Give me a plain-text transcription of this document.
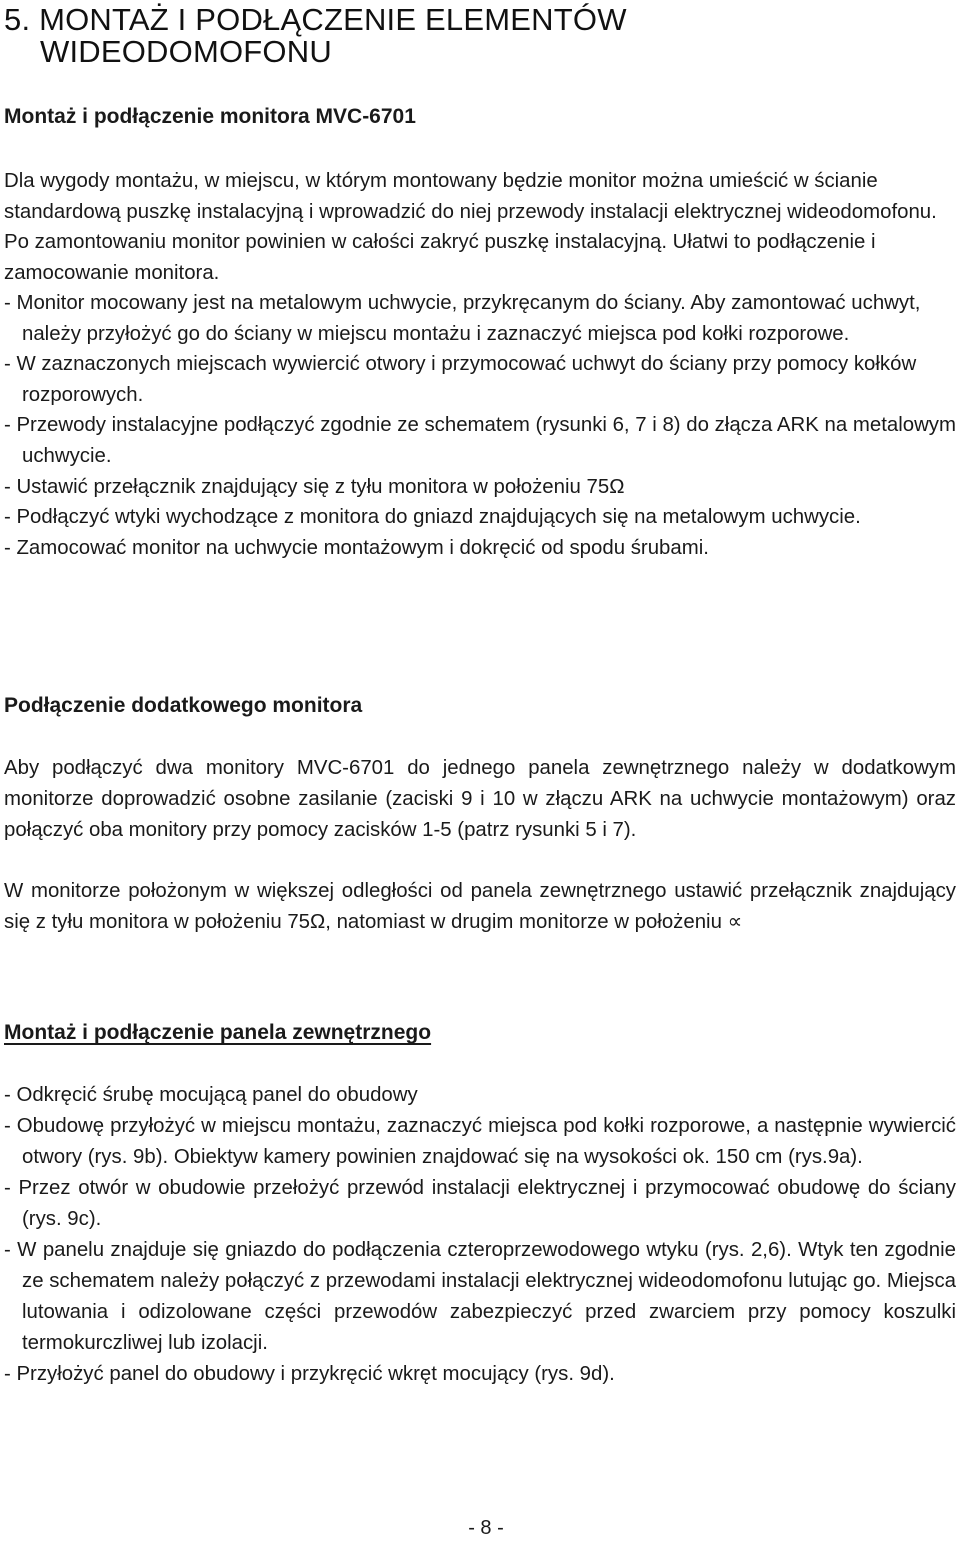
5. MONTAŻ I PODŁĄCZENIE ELEMENTÓW
WIDEODOMOFONU
Montaż i podłączenie monitora MVC-6701
Dla wygody montażu, w miejscu, w którym montowany będzie monitor można umieścić w ścianie standardową puszkę instalacyjną i wprowadzić do niej przewody instalacji elektrycznej wideodomofonu. Po zamontowaniu monitor powinien w całości zakryć puszkę instalacyjną. Ułatwi to podłączenie i zamocowanie monitora.
- Monitor mocowany jest na metalowym uchwycie, przykręcanym do ściany. Aby zamontować uchwyt, należy przyłożyć go do ściany w miejscu montażu i zaznaczyć miejsca pod kołki rozporowe.
- W zaznaczonych miejscach wywiercić otwory i przymocować uchwyt do ściany przy pomocy kołków rozporowych.
- Przewody instalacyjne podłączyć zgodnie ze schematem (rysunki 6, 7 i 8) do złącza ARK na metalowym uchwycie.
- Ustawić przełącznik znajdujący się z tyłu monitora w położeniu 75Ω
- Podłączyć wtyki wychodzące z monitora do gniazd znajdujących się na metalowym uchwycie.
- Zamocować monitor na uchwycie montażowym i dokręcić od spodu śrubami.
Podłączenie dodatkowego monitora
Aby podłączyć dwa monitory MVC-6701 do jednego panela zewnętrznego należy w dodatkowym monitorze doprowadzić osobne zasilanie (zaciski 9 i 10 w złączu ARK na uchwycie montażowym) oraz połączyć oba monitory przy pomocy zacisków 1-5 (patrz rysunki 5 i 7).
W monitorze położonym w większej odległości od panela zewnętrznego ustawić przełącznik znajdujący się z tyłu monitora w położeniu 75Ω, natomiast w drugim monitorze w położeniu ∝
Montaż i podłączenie panela zewnętrznego
- Odkręcić śrubę mocującą panel do obudowy
- Obudowę przyłożyć w miejscu montażu, zaznaczyć miejsca pod kołki rozporowe, a następnie wywiercić otwory (rys. 9b). Obiektyw kamery powinien znajdować się na wysokości ok. 150 cm (rys.9a).
- Przez otwór w obudowie przełożyć przewód instalacji elektrycznej i przymocować obudowę do ściany (rys. 9c).
- W panelu znajduje się gniazdo do podłączenia czteroprzewodowego wtyku (rys. 2,6). Wtyk ten zgodnie ze schematem należy połączyć z przewodami instalacji elektrycznej wideodomofonu lutując go. Miejsca lutowania i odizolowane części przewodów zabezpieczyć przed zwarciem przy pomocy koszulki termokurczliwej lub izolacji.
- Przyłożyć panel do obudowy i przykręcić wkręt mocujący (rys. 9d).
- 8 -
